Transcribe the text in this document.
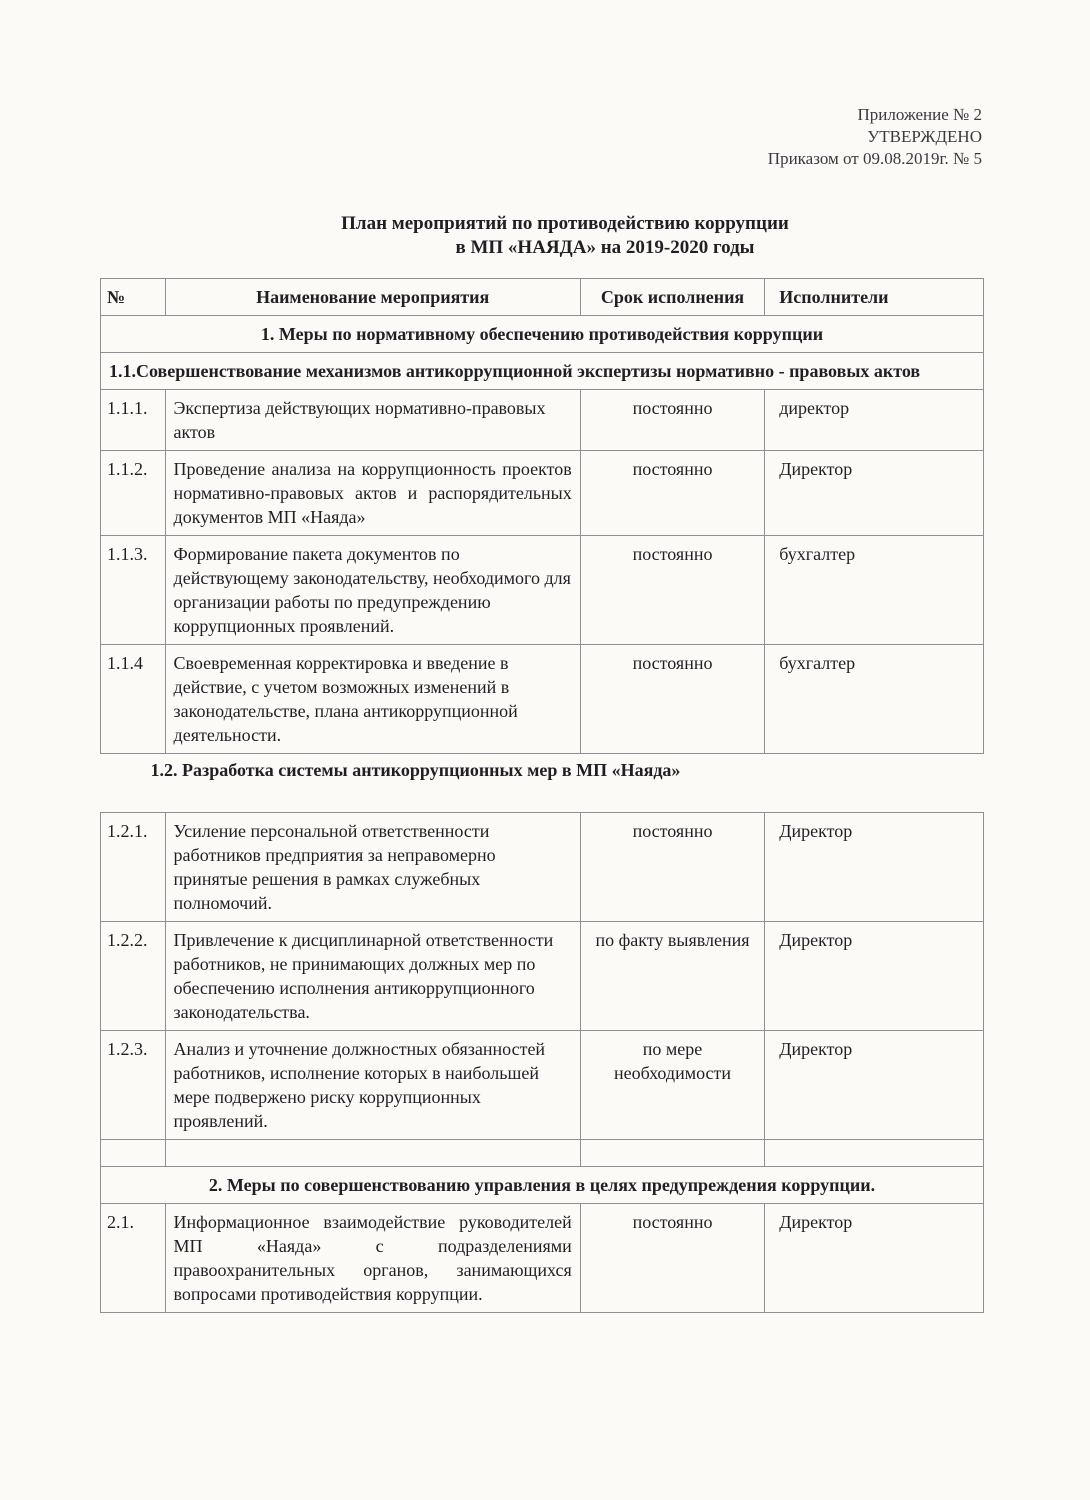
Приложение № 2
УТВЕРЖДЕНО
Приказом от 09.08.2019г. № 5
План мероприятий по противодействию коррупции
в МП «НАЯДА» на 2019-2020 годы
№	Наименование мероприятия	Срок исполнения	Исполнители
1. Меры по нормативному обеспечению противодействия коррупции			
1.1.Совершенствование механизмов антикоррупционной экспертизы нормативно - правовых актов			
1.1.1.	Экспертиза действующих нормативно-правовых актов	постоянно	директор
1.1.2.	Проведение анализа на коррупционность проектов нормативно-правовых актов и распорядительных документов МП «Наяда»	постоянно	Директор
1.1.3.	Формирование пакета документов по действующему законодательству, необходимого для организации работы по предупреждению коррупционных проявлений.	постоянно	бухгалтер
1.1.4	Своевременная корректировка и введение в действие, с учетом возможных изменений в законодательстве, плана антикоррупционной деятельности.	постоянно	бухгалтер
1.2. Разработка системы антикоррупционных мер в МП «Наяда»			
1.2.1.	Усиление персональной ответственности работников предприятия за неправомерно принятые решения в рамках служебных полномочий.	постоянно	Директор
1.2.2.	Привлечение к дисциплинарной ответственности работников, не принимающих должных мер по обеспечению исполнения антикоррупционного законодательства.	по факту выявления	Директор
1.2.3.	Анализ и уточнение должностных обязанностей работников, исполнение которых в наибольшей мере подвержено риску коррупционных проявлений.	по мере необходимости	Директор

2. Меры по совершенствованию управления в целях предупреждения коррупции.			
2.1.	Информационное взаимодействие руководителей МП «Наяда» с подразделениями правоохранительных органов, занимающихся вопросами противодействия коррупции.	постоянно	Директор
